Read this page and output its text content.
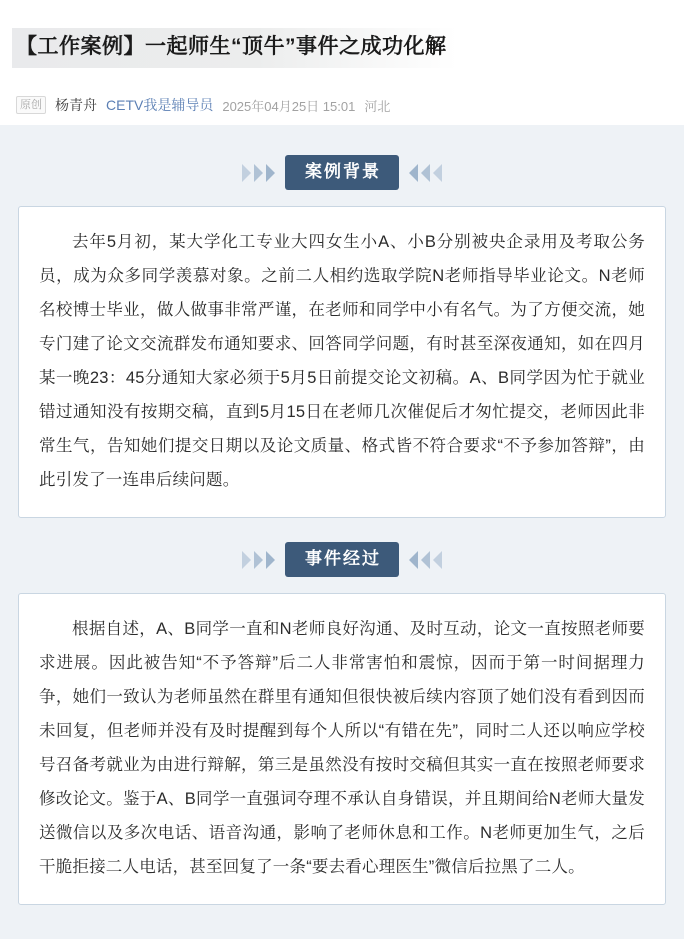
【工作案例】一起师生“顶牛”事件之成功化解
原创 杨青舟 CETV我是辅导员 2025年04月25日 15:01 河北
案例背景

去年5月初，某大学化工专业大四女生小A、小B分别被央企录用及考取公务员，成为众多同学羡慕对象。之前二人相约选取学院N老师指导毕业论文。N老师名校博士毕业，做人做事非常严谨，在老师和同学中小有名气。为了方便交流，她专门建了论文交流群发布通知要求、回答同学问题，有时甚至深夜通知，如在四月某一晚23：45分通知大家必须于5月5日前提交论文初稿。A、B同学因为忙于就业错过通知没有按期交稿，直到5月15日在老师几次催促后才匆忙提交，老师因此非常生气，告知她们提交日期以及论文质量、格式皆不符合要求“不予参加答辩”，由此引发了一连串后续问题。

事件经过

根据自述，A、B同学一直和N老师良好沟通、及时互动，论文一直按照老师要求进展。因此被告知“不予答辩”后二人非常害怕和震惊，因而于第一时间据理力争，她们一致认为老师虽然在群里有通知但很快被后续内容顶了她们没有看到因而未回复，但老师并没有及时提醒到每个人所以“有错在先”，同时二人还以响应学校号召备考就业为由进行辩解，第三是虽然没有按时交稿但其实一直在按照老师要求修改论文。鉴于A、B同学一直强词夺理不承认自身错误，并且期间给N老师大量发送微信以及多次电话、语音沟通，影响了老师休息和工作。N老师更加生气，之后干脆拒接二人电话，甚至回复了一条“要去看心理医生”微信后拉黑了二人。
